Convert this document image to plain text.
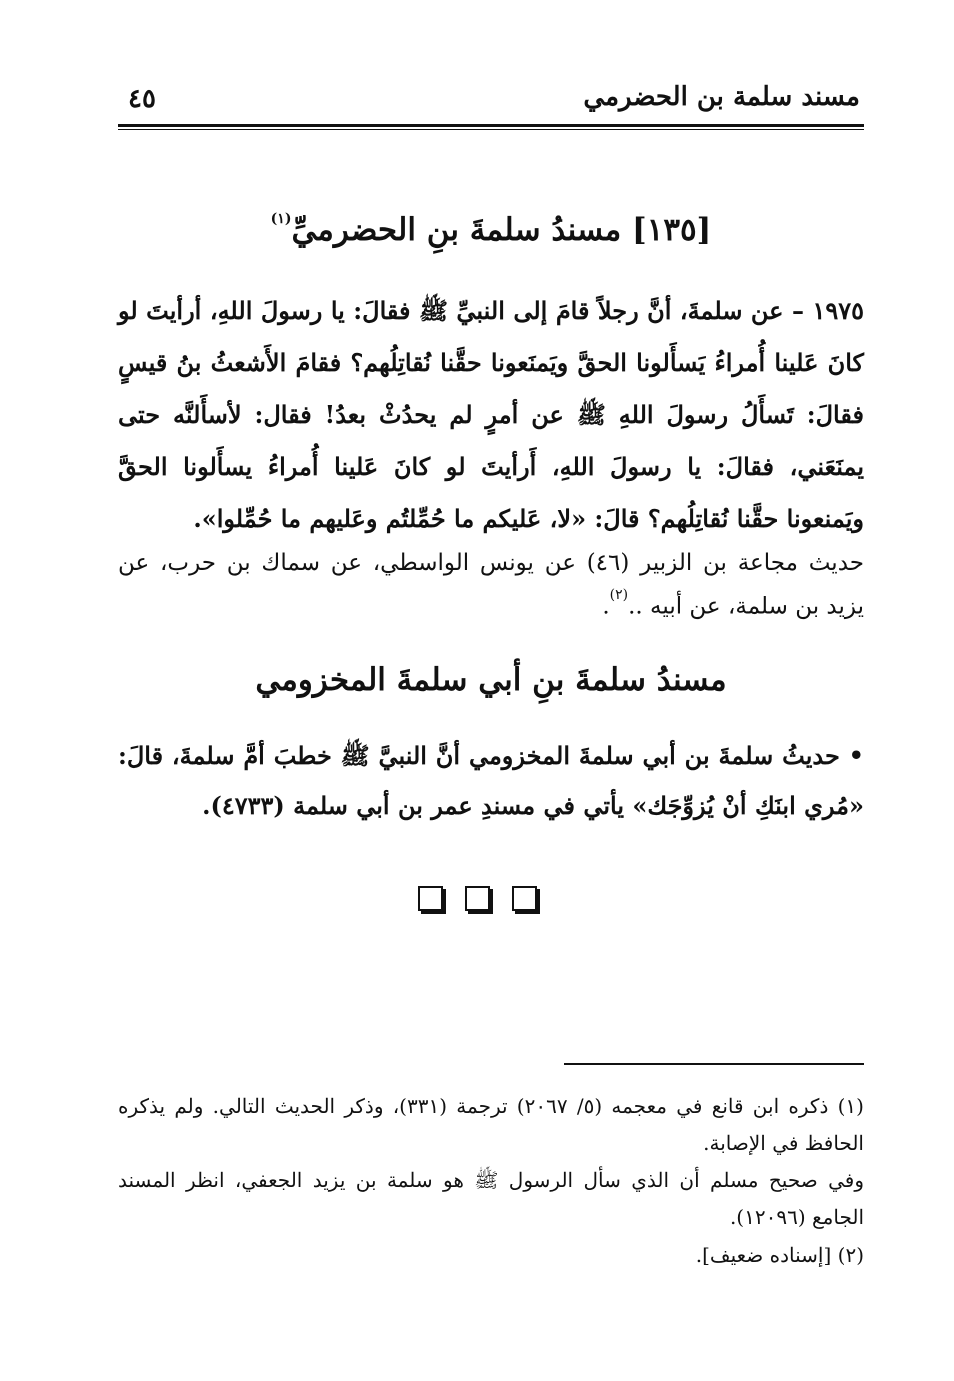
مسند سلمة بن الحضرمي
٤٥
[١٣٥] مسندُ سلمةَ بنِ الحضرميِّ$^{(١)}$
١٩٧٥ – عن سلمةَ، أنَّ رجلاً قامَ إلى النبيِّ ﷺ فقالَ: يا رسولَ اللهِ، أرأيتَ لو كانَ عَلينا أُمراءُ يَسأَلونا الحقَّ ويَمنَعونا حقَّنا نُقاتِلُهم؟ فقامَ الأَشعثُ بنُ قيسٍ فقالَ: تَسأَلُ رسولَ اللهِ ﷺ عن أمرٍ لم يحدُثْ بعدُ! فقال: لأسأَلنَّه حتى يمنَعَني، فقالَ: يا رسولَ اللهِ، أَرأيتَ لو كانَ عَلينا أُمراءُ يسأَلونا الحقَّ ويَمنعونا حقَّنا نُقاتِلُهم؟ قالَ: «لا، عَليكم ما حُمِّلتُم وعَليهم ما حُمِّلوا».
حديث مجاعة بن الزبير (٤٦) عن يونس الواسطي، عن سماك بن حرب، عن يزيد بن سلمة، عن أبيه ..$^{(٢)}$.
مسندُ سلمةَ بنِ أبي سلمةَ المخزومي
• حديثُ سلمةَ بن أبي سلمةَ المخزومي أنَّ النبيَّ ﷺ خطبَ أمَّ سلمةَ، قالَ: «مُري ابنَكِ أنْ يُزوِّجَك» يأتي في مسندِ عمر بن أبي سلمة (٤٧٣٣).
(١) ذكره ابن قانع في معجمه (٥/ ٢٠٦٧) ترجمة (٣٣١)، وذكر الحديث التالي. ولم يذكره الحافظ في الإصابة.
وفي صحيح مسلم أن الذي سأل الرسول ﷺ هو سلمة بن يزيد الجعفي، انظر المسند الجامع (١٢٠٩٦).
(٢) [إسناده ضعيف].
